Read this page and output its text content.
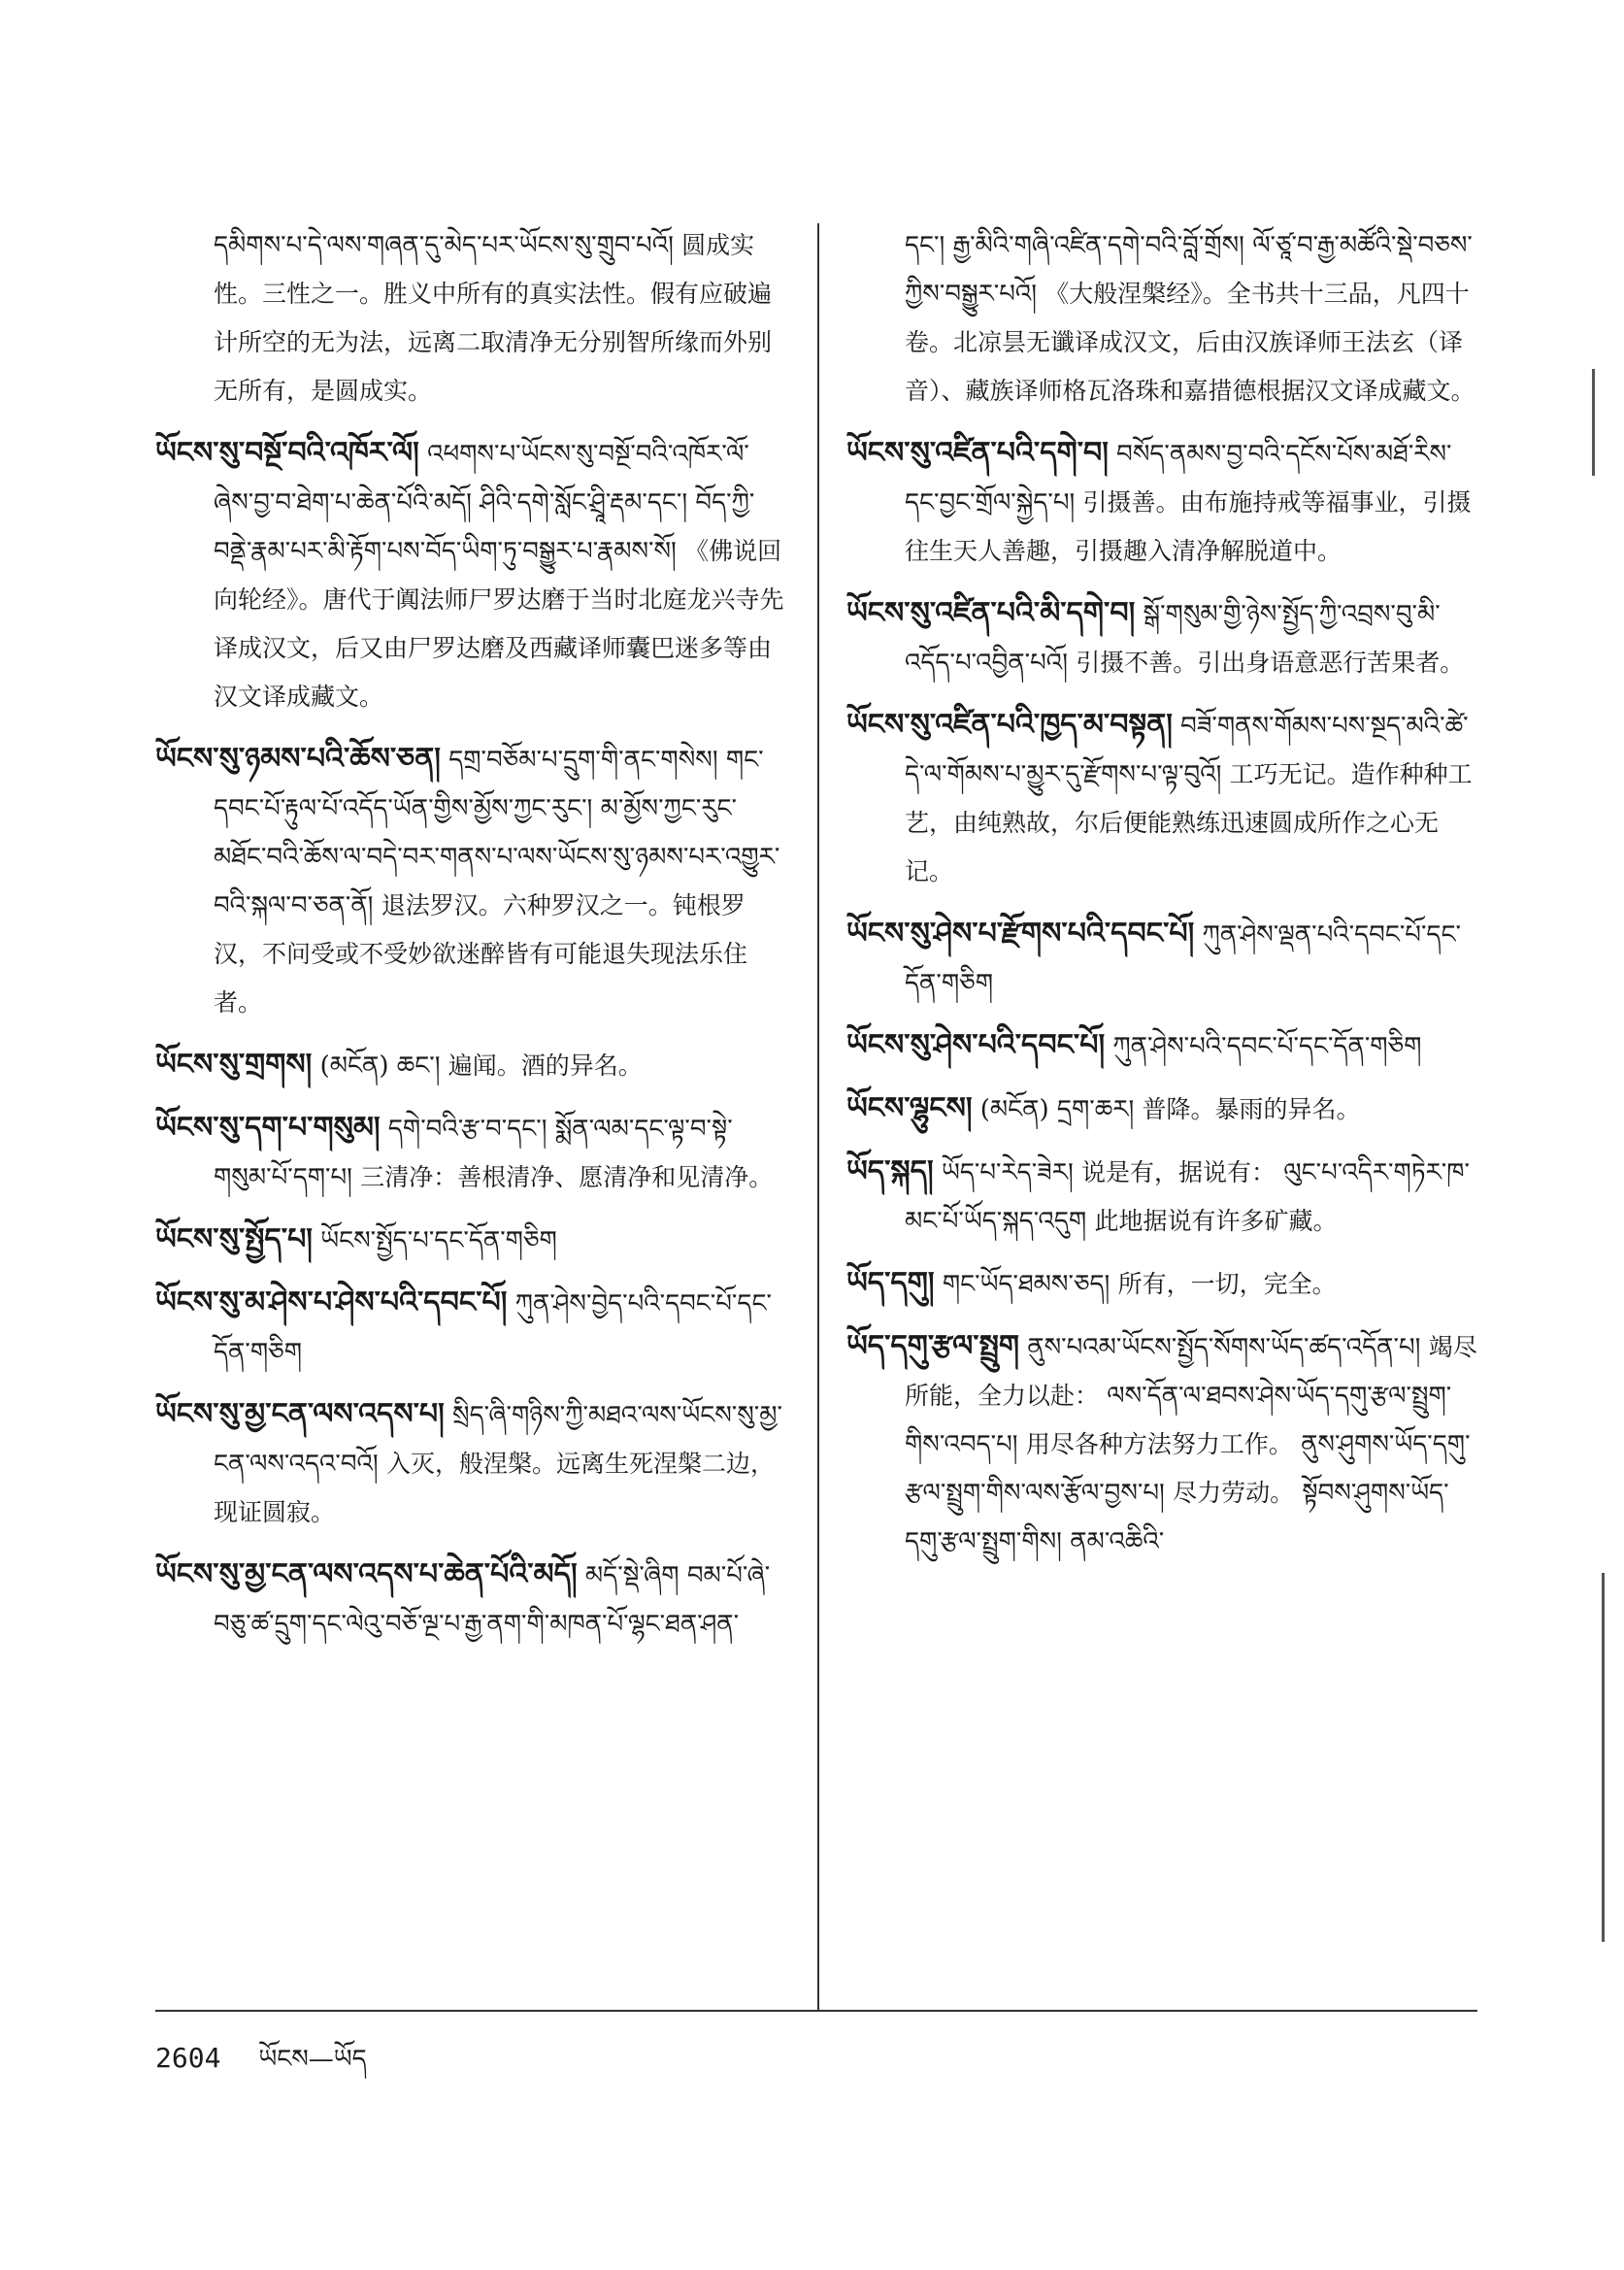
དམིགས་པ་དེ་ལས་གཞན་དུ་མེད་པར་ཡོངས་སུ་གྲུབ་པའོ། 圆成实性。三性之一。胜义中所有的真实法性。假有应破遍计所空的无为法，远离二取清净无分别智所缘而外别无所有，是圆成实。

ཡོངས་སུ་བསྔོ་བའི་འཁོར་ལོ། འཕགས་པ་ཡོངས་སུ་བསྔོ་བའི་འཁོར་ལོ་ཞེས་བྱ་བ་ཐེག་པ་ཆེན་པོའི་མདོ། ཤིའི་དགེ་སློང་ཤྲཱི་རྡམ་དང་། བོད་ཀྱི་བནྡེ་རྣམ་པར་མི་རྟོག་པས་བོད་ཡིག་ཏུ་བསྒྱུར་པ་རྣམས་སོ། 《佛说回向轮经》。唐代于阗法师尸罗达磨于当时北庭龙兴寺先译成汉文，后又由尸罗达磨及西藏译师囊巴迷多等由汉文译成藏文。

ཡོངས་སུ་ཉམས་པའི་ཆོས་ཅན། དགྲ་བཅོམ་པ་དྲུག་གི་ནང་གསེས། གང་དབང་པོ་རྟུལ་པོ་འདོད་ཡོན་གྱིས་མྱོས་ཀྱང་རུང་། མ་མྱོས་ཀྱང་རུང་མཐོང་བའི་ཆོས་ལ་བདེ་བར་གནས་པ་ལས་ཡོངས་སུ་ཉམས་པར་འགྱུར་བའི་སྐལ་བ་ཅན་ནོ། 退法罗汉。六种罗汉之一。钝根罗汉，不问受或不受妙欲迷醉皆有可能退失现法乐住者。

ཡོངས་སུ་གྲགས། (མངོན) ཆང་། 遍闻。酒的异名。

ཡོངས་སུ་དག་པ་གསུམ། དགེ་བའི་རྩ་བ་དང་། སྨོན་ལམ་དང་ལྟ་བ་སྟེ་གསུམ་པོ་དག་པ། 三清净：善根清净、愿清净和见清净。

ཡོངས་སུ་སྤྱོད་པ། ཡོངས་སྤྱོད་པ་དང་དོན་གཅིག

ཡོངས་སུ་མ་ཤེས་པ་ཤེས་པའི་དབང་པོ། ཀུན་ཤེས་བྱེད་པའི་དབང་པོ་དང་དོན་གཅིག

ཡོངས་སུ་མྱ་ངན་ལས་འདས་པ། སྲིད་ཞི་གཉིས་ཀྱི་མཐའ་ལས་ཡོངས་སུ་མྱ་ངན་ལས་འདའ་བའོ། 入灭，般涅槃。远离生死涅槃二边，现证圆寂。

ཡོངས་སུ་མྱ་ངན་ལས་འདས་པ་ཆེན་པོའི་མདོ། མདོ་སྡེ་ཞིག བམ་པོ་ཞེ་བཅུ་ཚ་དྲུག་དང་ལེའུ་བཅོ་ལྔ་པ་རྒྱ་ནག་གི་མཁན་པོ་ལྷང་ཐན་ཤན་

དང་། རྒྱ་མིའི་གཞི་འཛིན་དགེ་བའི་བློ་གྲོས། ལོ་ཙཱ་བ་རྒྱ་མཚོའི་སྡེ་བཅས་ཀྱིས་བསྒྱུར་པའོ། 《大般涅槃经》。全书共十三品，凡四十卷。北凉昙无谶译成汉文，后由汉族译师王法玄（译音）、藏族译师格瓦洛珠和嘉措德根据汉文译成藏文。

ཡོངས་སུ་འཛིན་པའི་དགེ་བ། བསོད་ནམས་བྱ་བའི་དངོས་པོས་མཐོ་རིས་དང་བྱང་གྲོལ་སྐྱེད་པ། 引摄善。由布施持戒等福事业，引摄往生天人善趣，引摄趣入清净解脱道中。

ཡོངས་སུ་འཛིན་པའི་མི་དགེ་བ། སྒོ་གསུམ་གྱི་ཉེས་སྤྱོད་ཀྱི་འབྲས་བུ་མི་འདོད་པ་འབྱིན་པའོ། 引摄不善。引出身语意恶行苦果者。

ཡོངས་སུ་འཛིན་པའི་ཁྱད་མ་བསྟན། བཟོ་གནས་གོམས་པས་སྔད་མའི་ཚེ་དེ་ལ་གོམས་པ་མྱུར་དུ་རྫོགས་པ་ལྟ་བུའོ། 工巧无记。造作种种工艺，由纯熟故，尔后便能熟练迅速圆成所作之心无记。

ཡོངས་སུ་ཤེས་པ་རྫོགས་པའི་དབང་པོ། ཀུན་ཤེས་ལྡན་པའི་དབང་པོ་དང་དོན་གཅིག

ཡོངས་སུ་ཤེས་པའི་དབང་པོ། ཀུན་ཤེས་པའི་དབང་པོ་དང་དོན་གཅིག

ཡོངས་ལྷུངས། (མངོན) དྲག་ཆར། 普降。暴雨的异名。

ཡོད་སྐད། ཡོད་པ་རེད་ཟེར། 说是有，据说有： ལུང་པ་འདིར་གཏེར་ཁ་མང་པོ་ཡོད་སྐད་འདུག 此地据说有许多矿藏。

ཡོད་དགུ། གང་ཡོད་ཐམས་ཅད། 所有，一切，完全。

ཡོད་དགུ་རྩལ་སྤྲུག ནུས་པའམ་ཡོངས་སྤྱོད་སོགས་ཡོད་ཚད་འདོན་པ། 竭尽所能，全力以赴： ལས་དོན་ལ་ཐབས་ཤེས་ཡོད་དགུ་རྩལ་སྤྲུག་གིས་འབད་པ། 用尽各种方法努力工作。 ནུས་ཤུགས་ཡོད་དགུ་རྩལ་སྤྲུག་གིས་ལས་རྩོལ་བྱས་པ། 尽力劳动。 སྟོབས་ཤུགས་ཡོད་དགུ་རྩལ་སྤྲུག་གིས། ནམ་འཆིའི་

2604 ཡོངས—ཡོད
